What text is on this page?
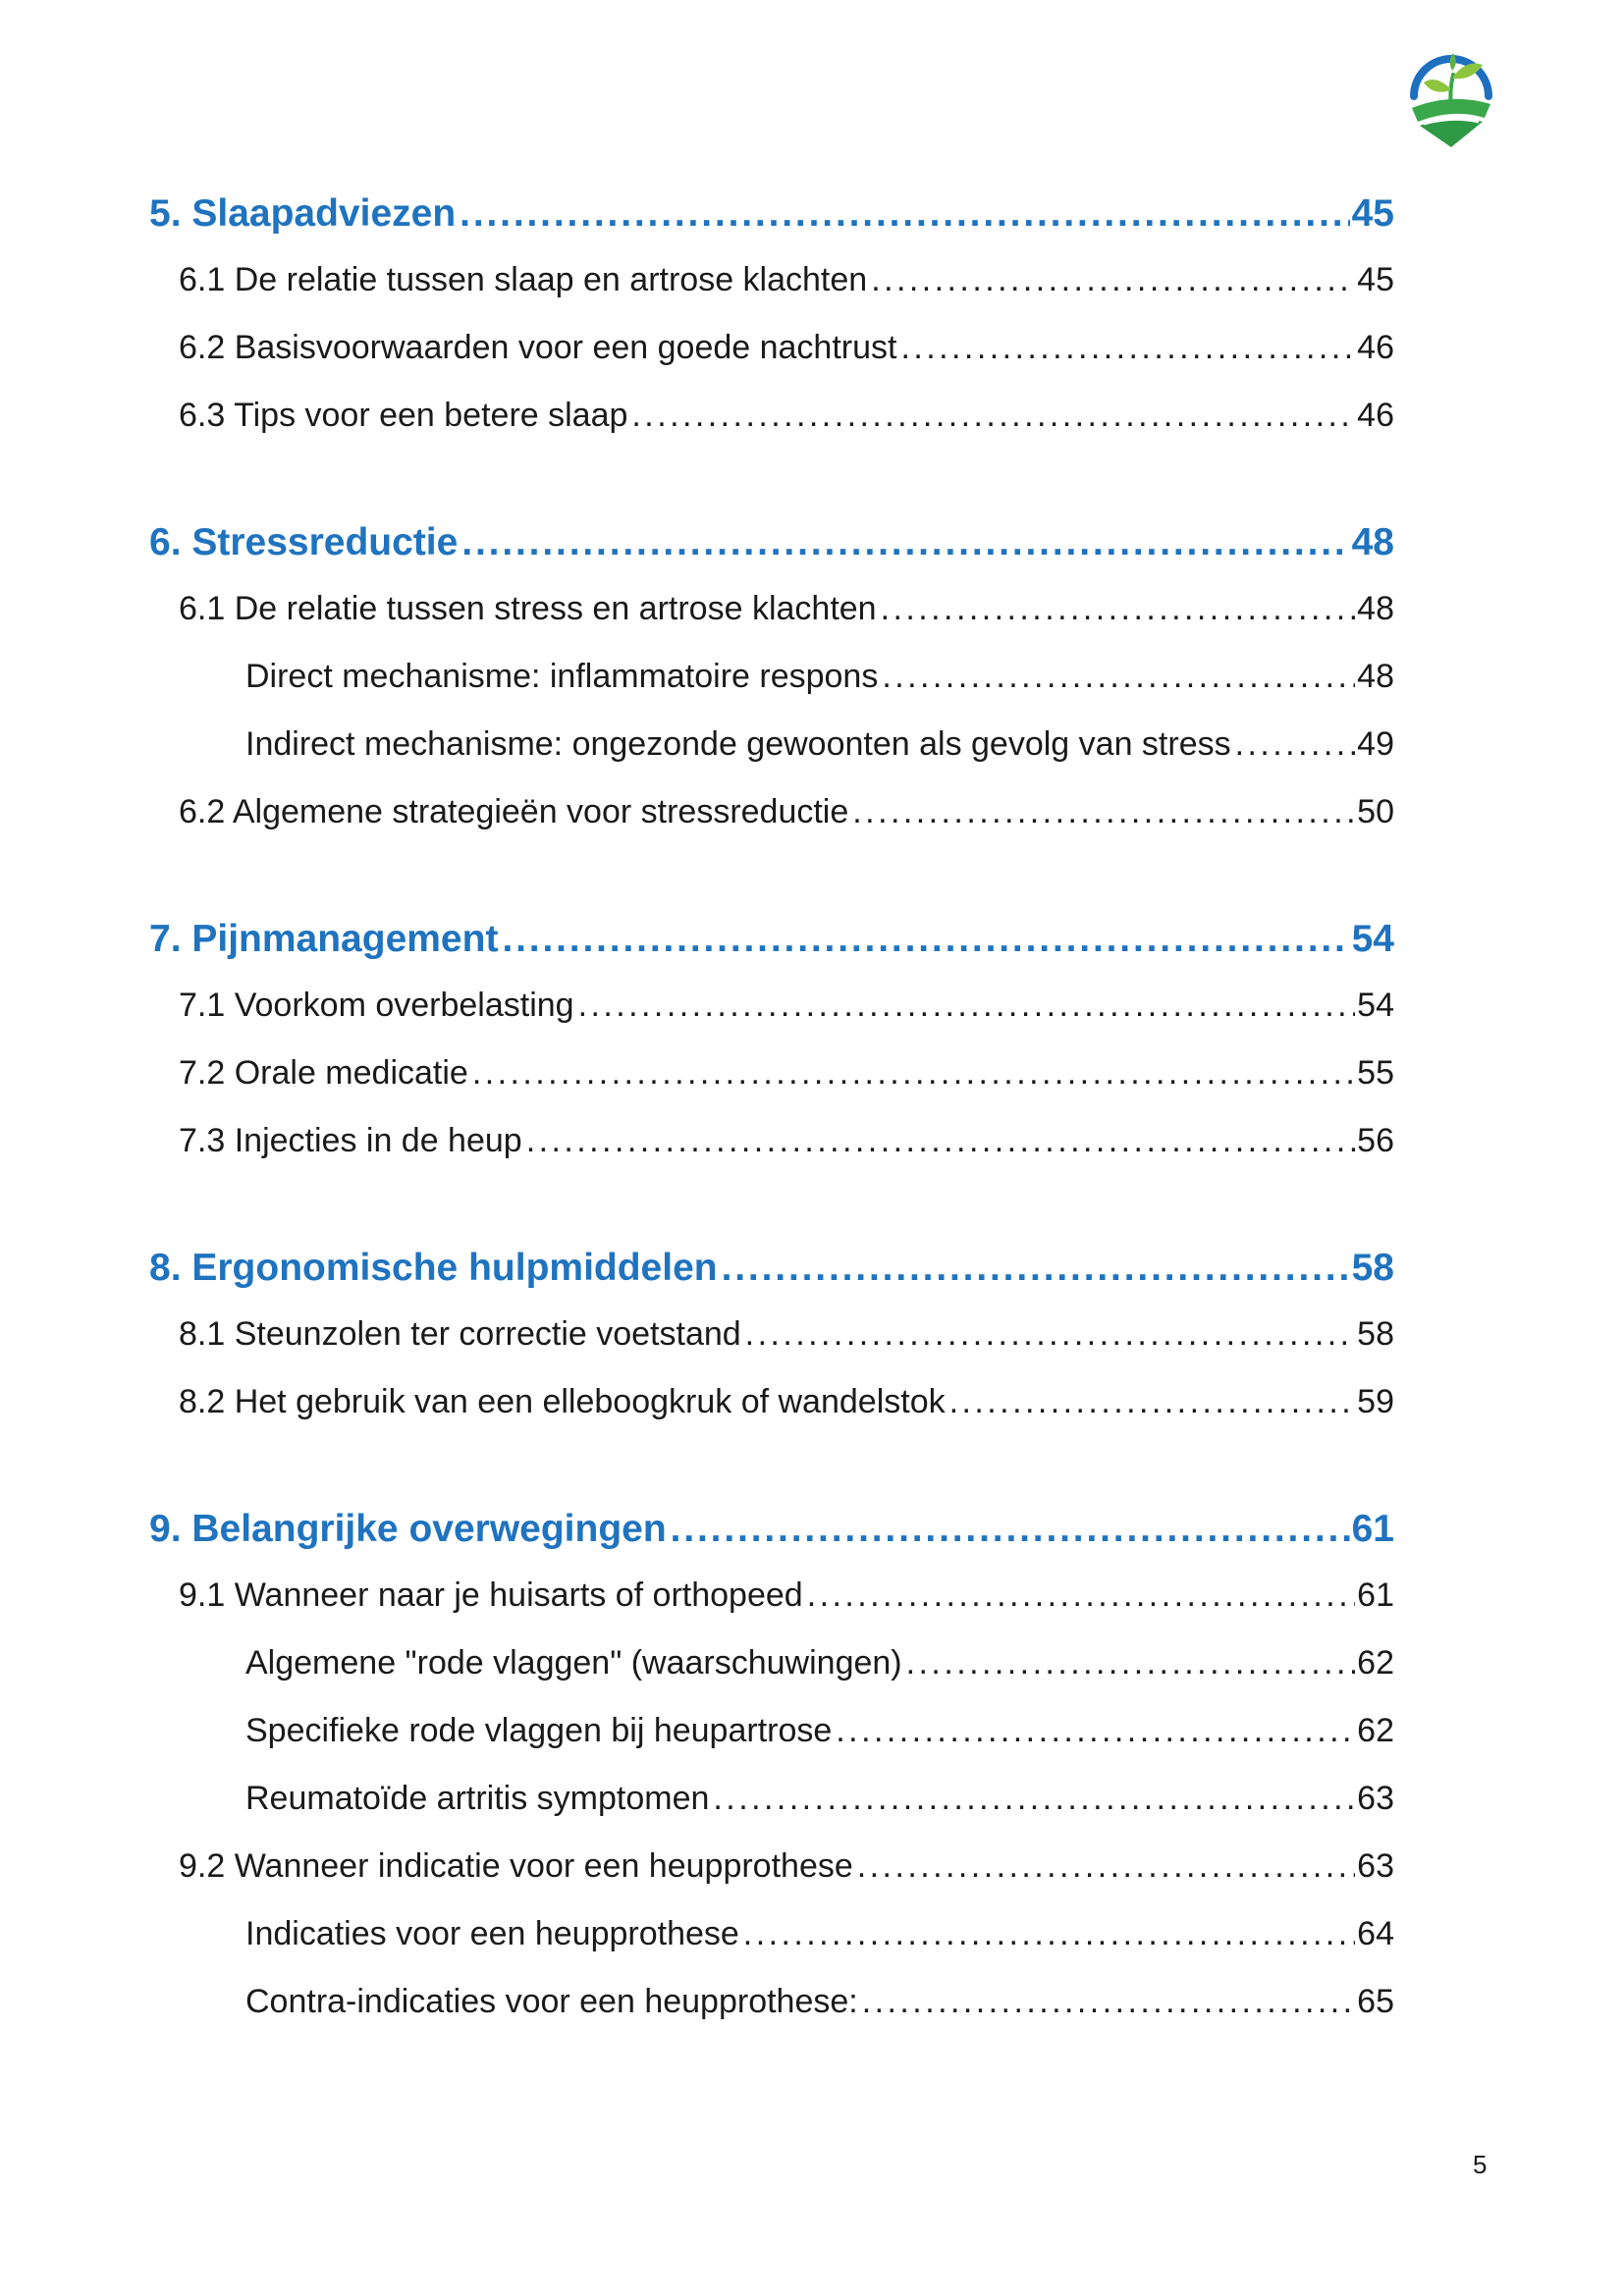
5. Slaapadviezen . . .	45
6.1 De relatie tussen slaap en artrose klachten . . .	45
6.2 Basisvoorwaarden voor een goede nachtrust . . .	46
6.3 Tips voor een betere slaap . . .	46
6. Stressreductie . . .	48
6.1 De relatie tussen stress en artrose klachten . . .	48
Direct mechanisme: inflammatoire respons . . .	48
Indirect mechanisme: ongezonde gewoonten als gevolg van stress . . .	49
6.2 Algemene strategieën voor stressreductie . . .	50
7. Pijnmanagement . . .	54
7.1 Voorkom overbelasting . . .	54
7.2 Orale medicatie . . .	55
7.3 Injecties in de heup . . .	56
8. Ergonomische hulpmiddelen . . .	58
8.1 Steunzolen ter correctie voetstand . . .	58
8.2 Het gebruik van een elleboogkruk of wandelstok . . .	59
9. Belangrijke overwegingen . . .	61
9.1 Wanneer naar je huisarts of orthopeed . . .	61
Algemene "rode vlaggen" (waarschuwingen) . . .	62
Specifieke rode vlaggen bij heupartrose . . .	62
Reumatoïde artritis symptomen . . .	63
9.2 Wanneer indicatie voor een heupprothese . . .	63
Indicaties voor een heupprothese . . .	64
Contra-indicaties voor een heupprothese: . . .	65
5
